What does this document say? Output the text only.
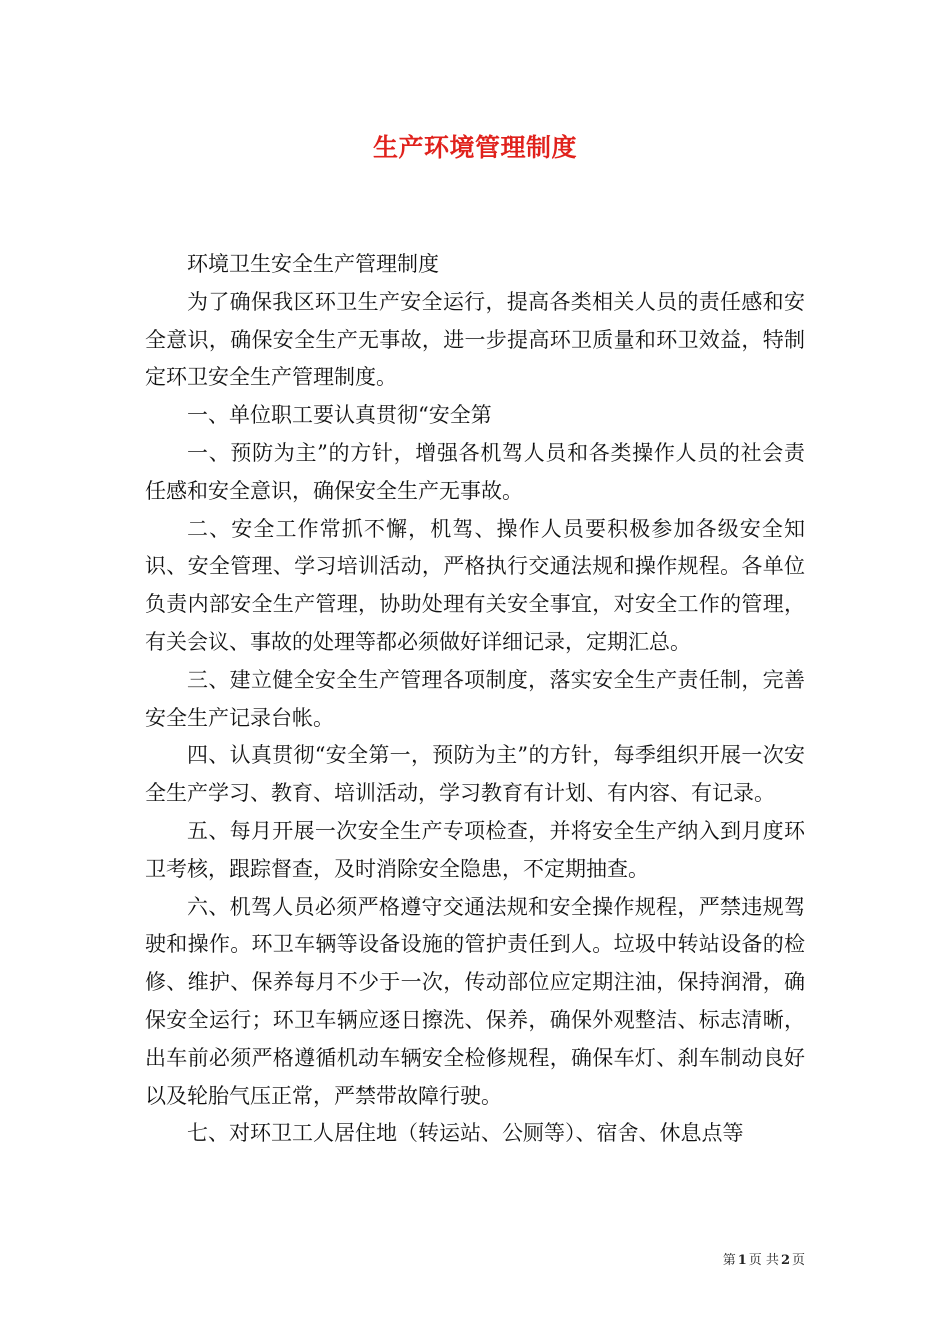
生产环境管理制度

环境卫生安全生产管理制度

为了确保我区环卫生产安全运行，提高各类相关人员的责任感和安全意识，确保安全生产无事故，进一步提高环卫质量和环卫效益，特制定环卫安全生产管理制度。

一、单位职工要认真贯彻“安全第

一、预防为主”的方针，增强各机驾人员和各类操作人员的社会责任感和安全意识，确保安全生产无事故。

二、安全工作常抓不懈，机驾、操作人员要积极参加各级安全知识、安全管理、学习培训活动，严格执行交通法规和操作规程。各单位负责内部安全生产管理，协助处理有关安全事宜，对安全工作的管理，有关会议、事故的处理等都必须做好详细记录，定期汇总。

三、建立健全安全生产管理各项制度，落实安全生产责任制，完善安全生产记录台帐。

四、认真贯彻“安全第一，预防为主”的方针，每季组织开展一次安全生产学习、教育、培训活动，学习教育有计划、有内容、有记录。

五、每月开展一次安全生产专项检查，并将安全生产纳入到月度环卫考核，跟踪督查，及时消除安全隐患，不定期抽查。

六、机驾人员必须严格遵守交通法规和安全操作规程，严禁违规驾驶和操作。环卫车辆等设备设施的管护责任到人。垃圾中转站设备的检修、维护、保养每月不少于一次，传动部位应定期注油，保持润滑，确保安全运行；环卫车辆应逐日擦洗、保养，确保外观整洁、标志清晰，出车前必须严格遵循机动车辆安全检修规程，确保车灯、刹车制动良好以及轮胎气压正常，严禁带故障行驶。

七、对环卫工人居住地（转运站、公厕等）、宿舍、休息点等

第 1 页 共 2 页
